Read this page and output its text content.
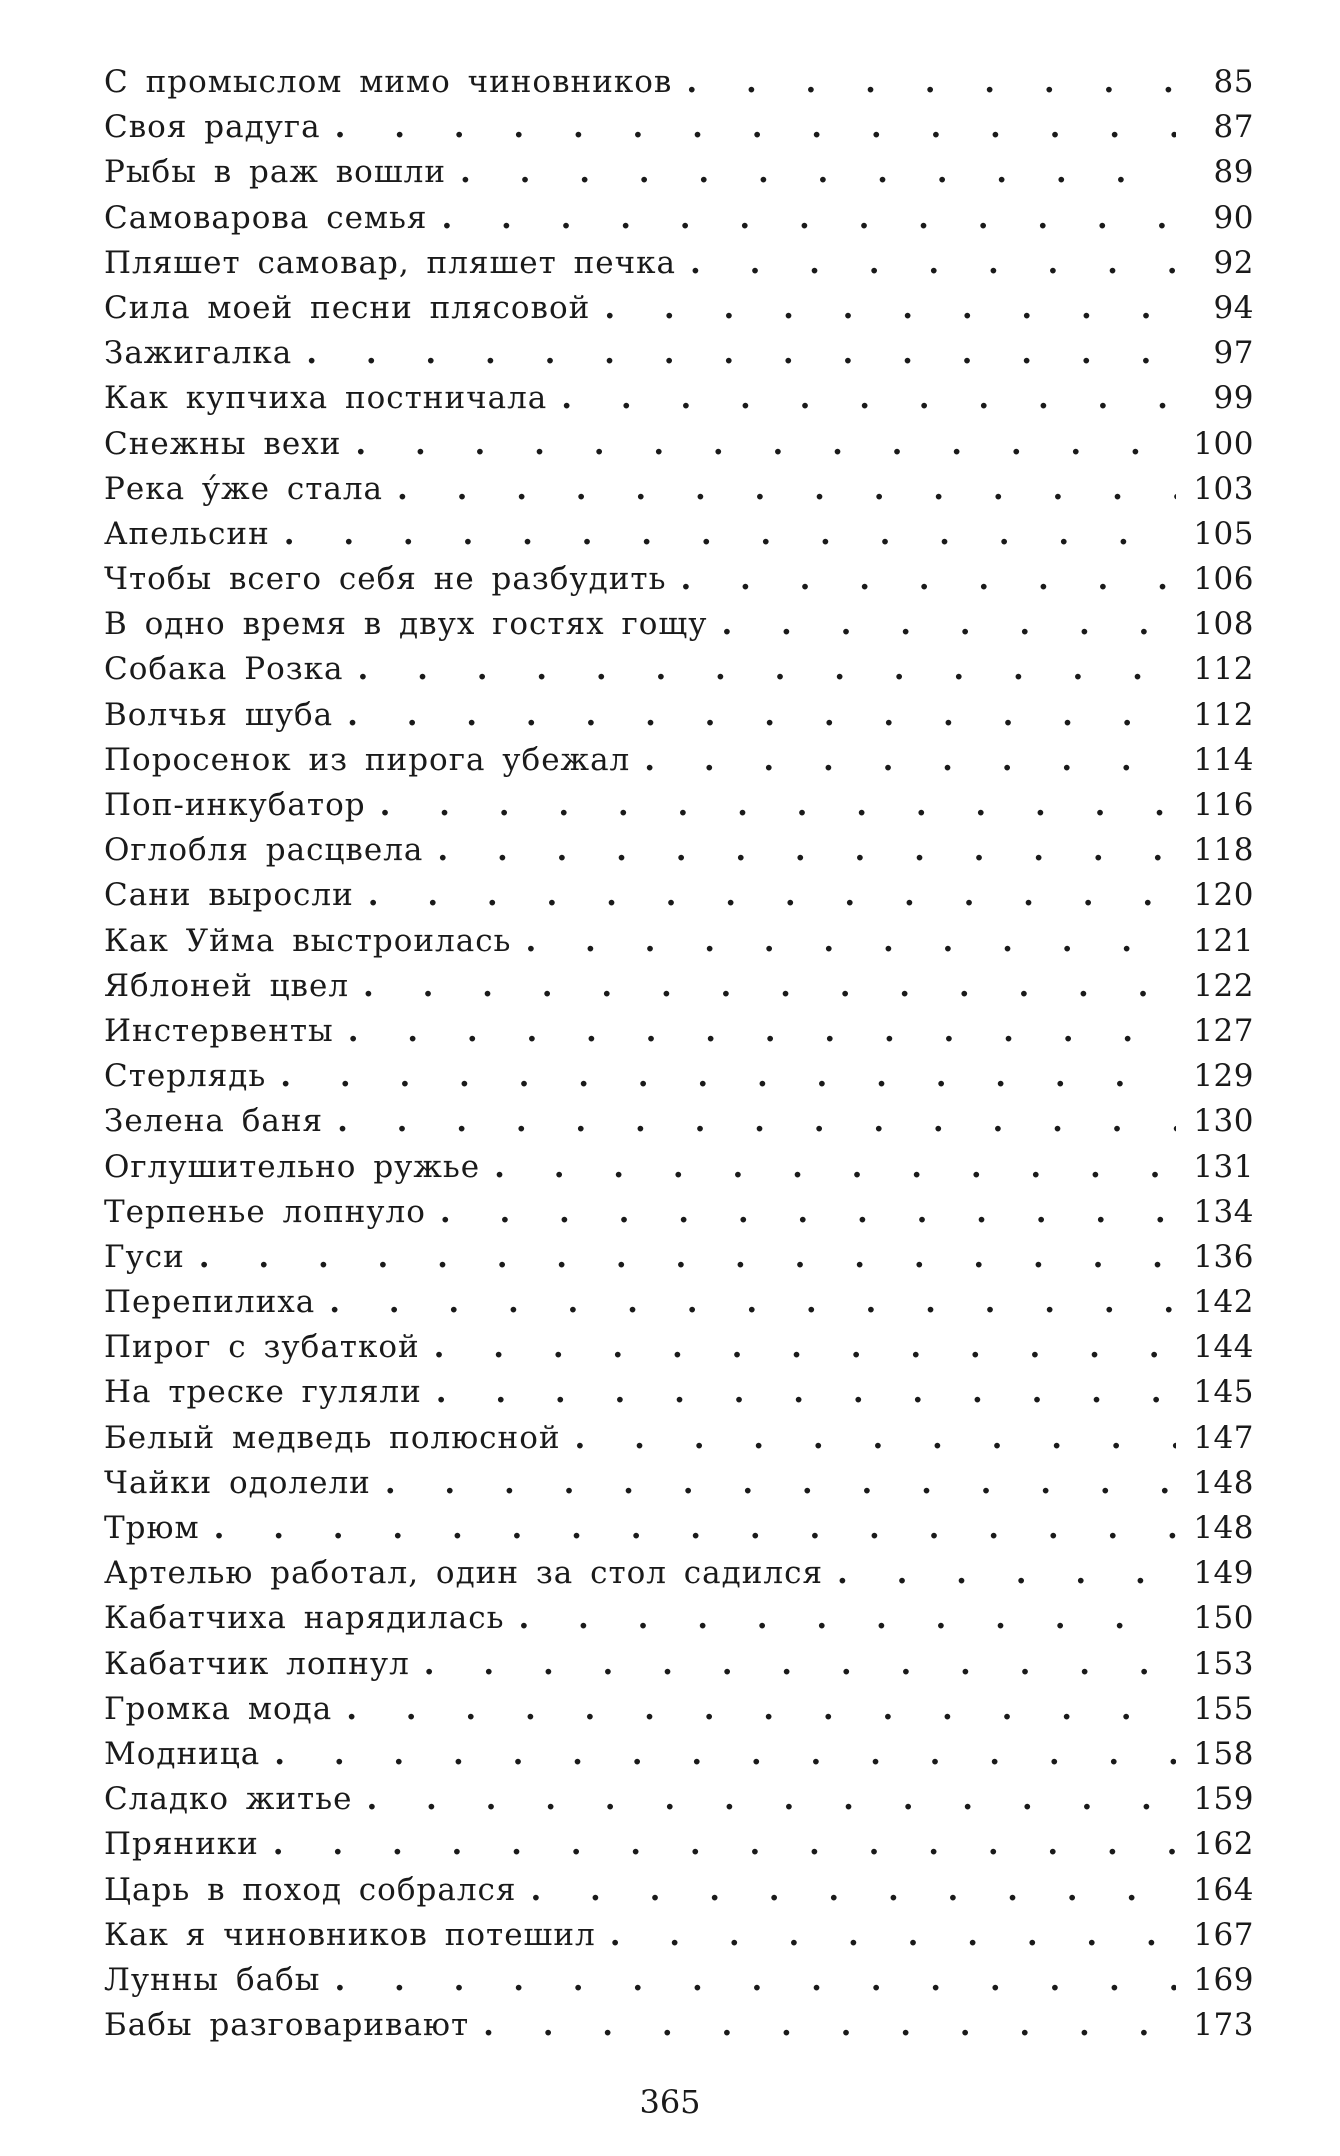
С промыслом мимо чиновников . . .	85
Своя радуга . . .	87
Рыбы в раж вошли . . .	89
Самоварова семья . . .	90
Пляшет самовар, пляшет печка . . .	92
Сила моей песни плясовой . . .	94
Зажигалка . . .	97
Как купчиха постничала . . .	99
Снежны вехи . . .	100
Река у́же стала . . .	103
Апельсин . . .	105
Чтобы всего себя не разбудить . . .	106
В одно время в двух гостях гощу . . .	108
Собака Розка . . .	112
Волчья шуба . . .	112
Поросенок из пирога убежал . . .	114
Поп-инкубатор . . .	116
Оглобля расцвела . . .	118
Сани выросли . . .	120
Как Уйма выстроилась . . .	121
Яблоней цвел . . .	122
Инстервенты . . .	127
Стерлядь . . .	129
Зелена баня . . .	130
Оглушительно ружье . . .	131
Терпенье лопнуло . . .	134
Гуси . . .	136
Перепилиха . . .	142
Пирог с зубаткой . . .	144
На треске гуляли . . .	145
Белый медведь полюсной . . .	147
Чайки одолели . . .	148
Трюм . . .	148
Артелью работал, один за стол садился . . .	149
Кабатчиха нарядилась . . .	150
Кабатчик лопнул . . .	153
Громка мода . . .	155
Модница . . .	158
Сладко житье . . .	159
Пряники . . .	162
Царь в поход собрался . . .	164
Как я чиновников потешил . . .	167
Лунны бабы . . .	169
Бабы разговаривают . . .	173
365
